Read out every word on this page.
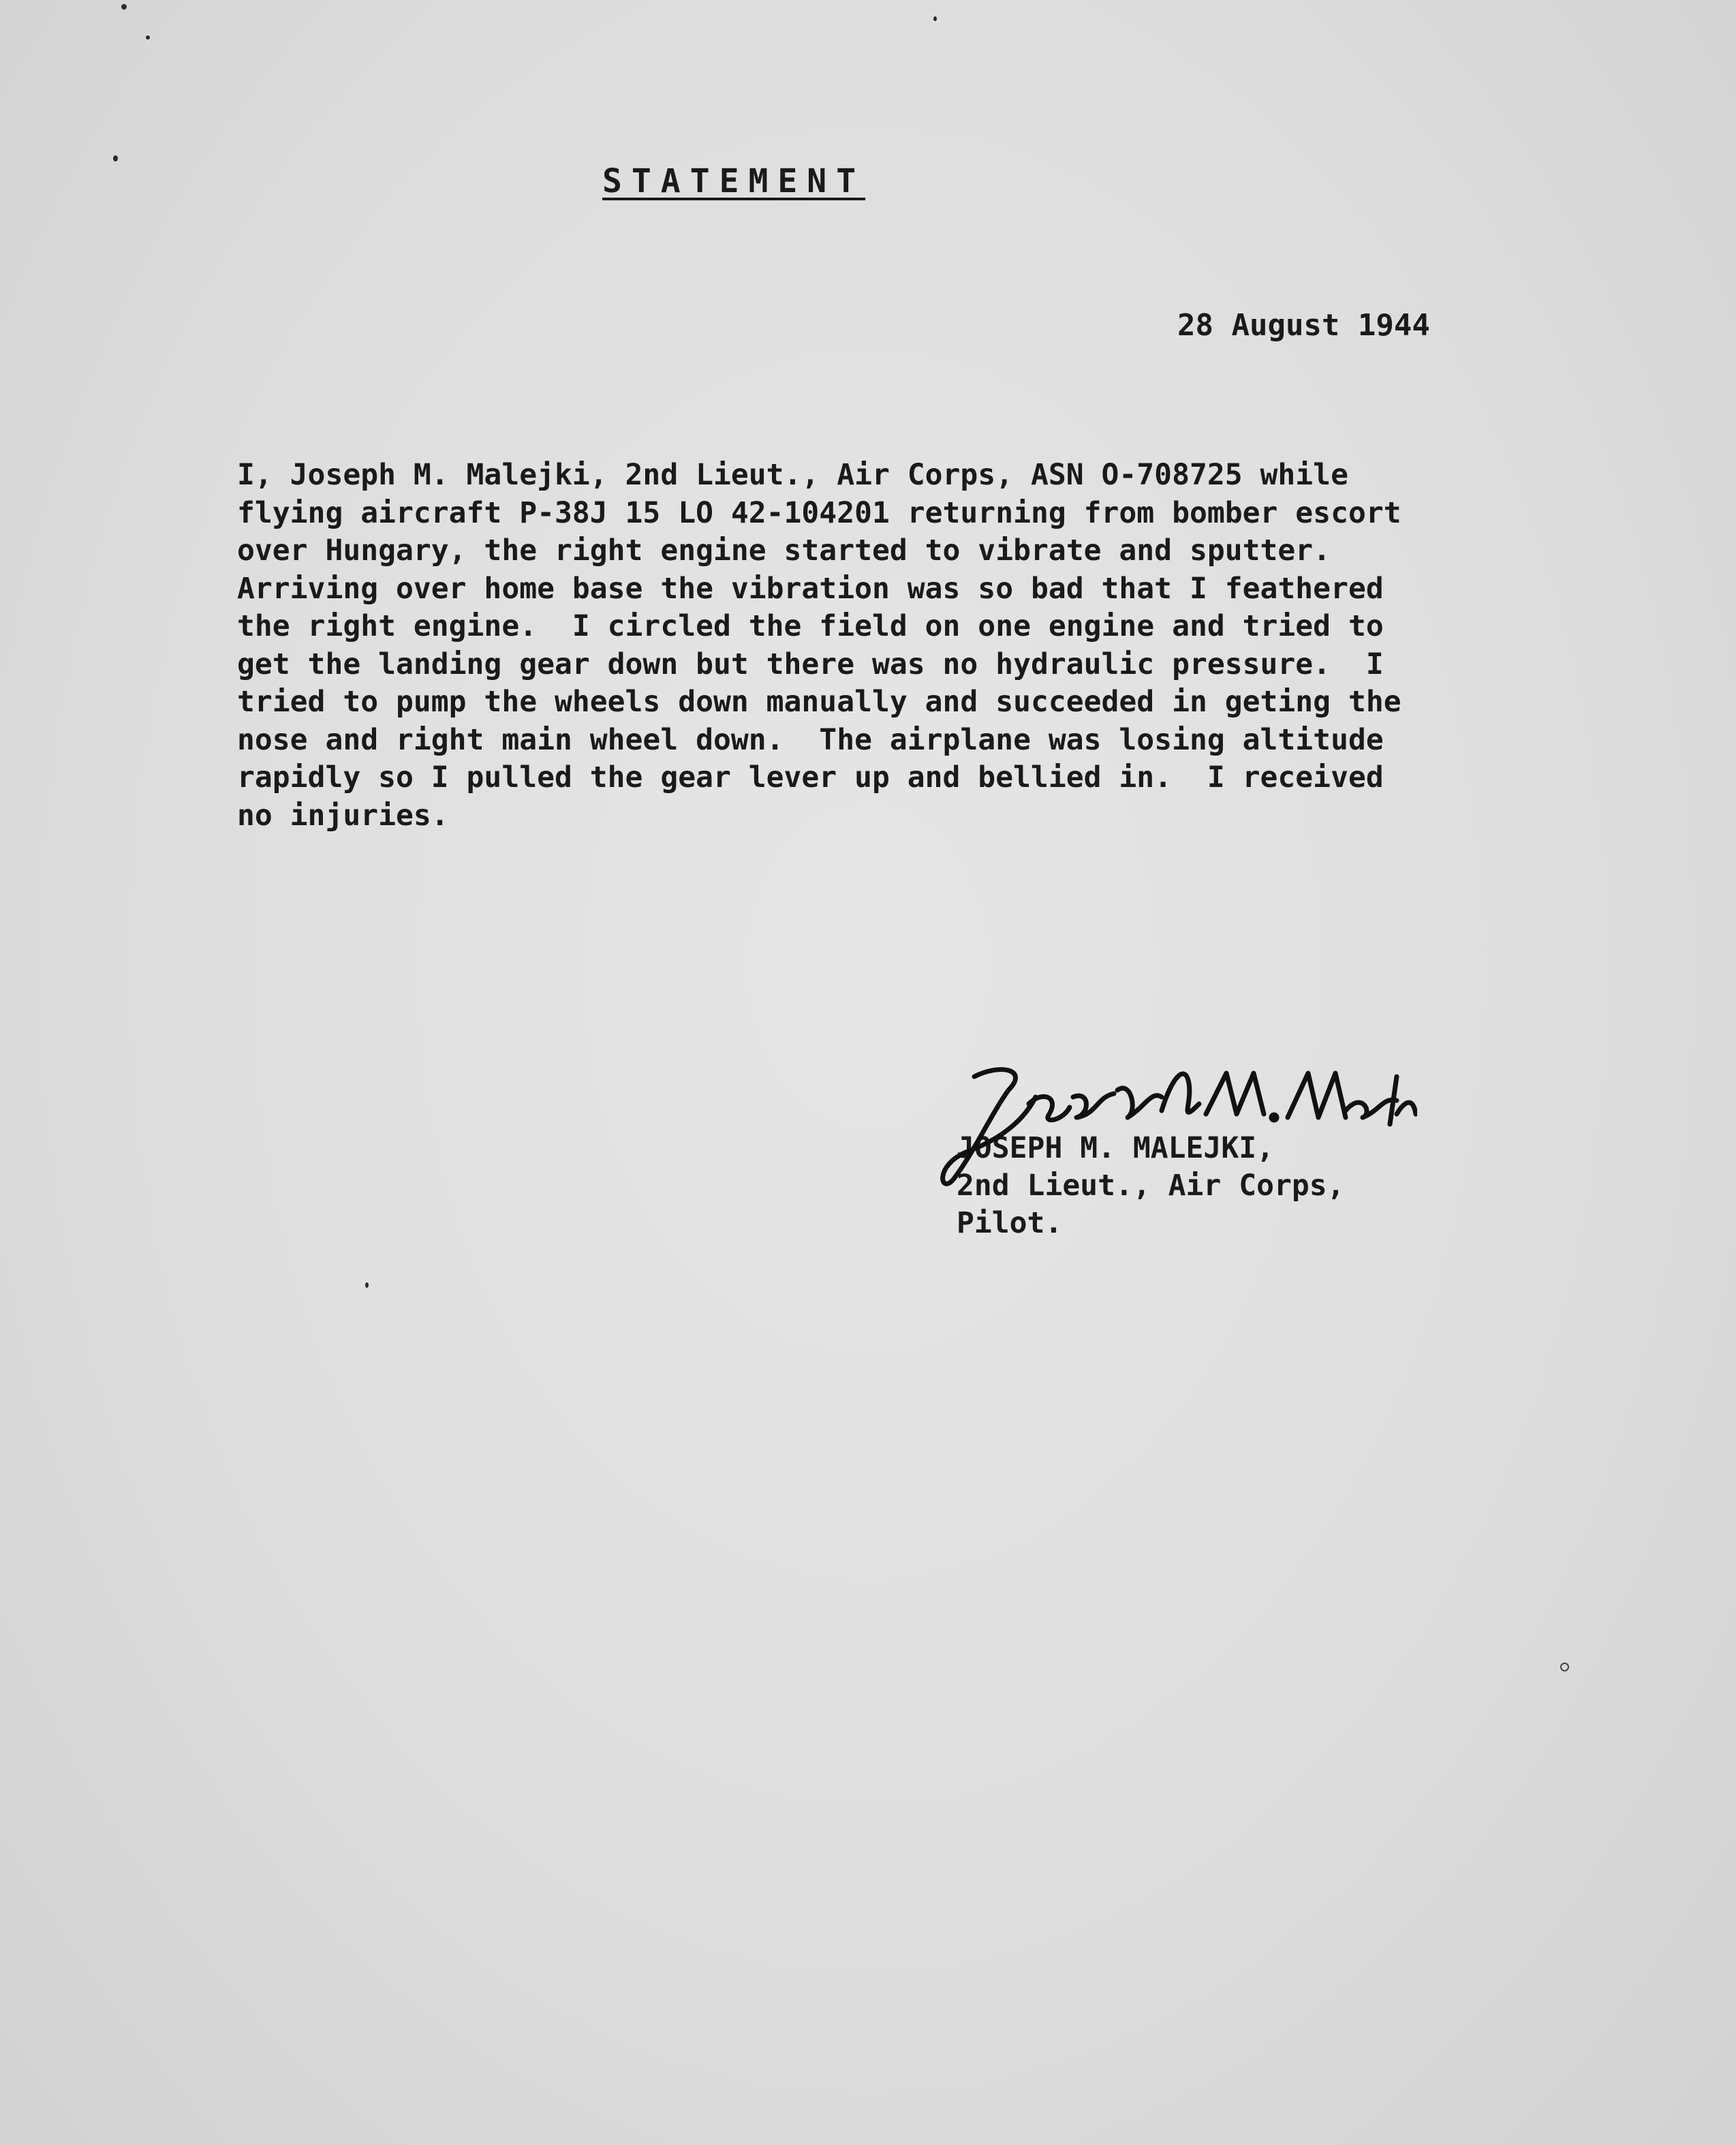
STATEMENT
28 August 1944
I, Joseph M. Malejki, 2nd Lieut., Air Corps, ASN O-708725 while
flying aircraft P-38J 15 LO 42-104201 returning from bomber escort
over Hungary, the right engine started to vibrate and sputter.
Arriving over home base the vibration was so bad that I feathered
the right engine.  I circled the field on one engine and tried to
get the landing gear down but there was no hydraulic pressure.  I
tried to pump the wheels down manually and succeeded in geting the
nose and right main wheel down.  The airplane was losing altitude
rapidly so I pulled the gear lever up and bellied in.  I received
no injuries.
JOSEPH M. MALEJKI,
2nd Lieut., Air Corps,
Pilot.
